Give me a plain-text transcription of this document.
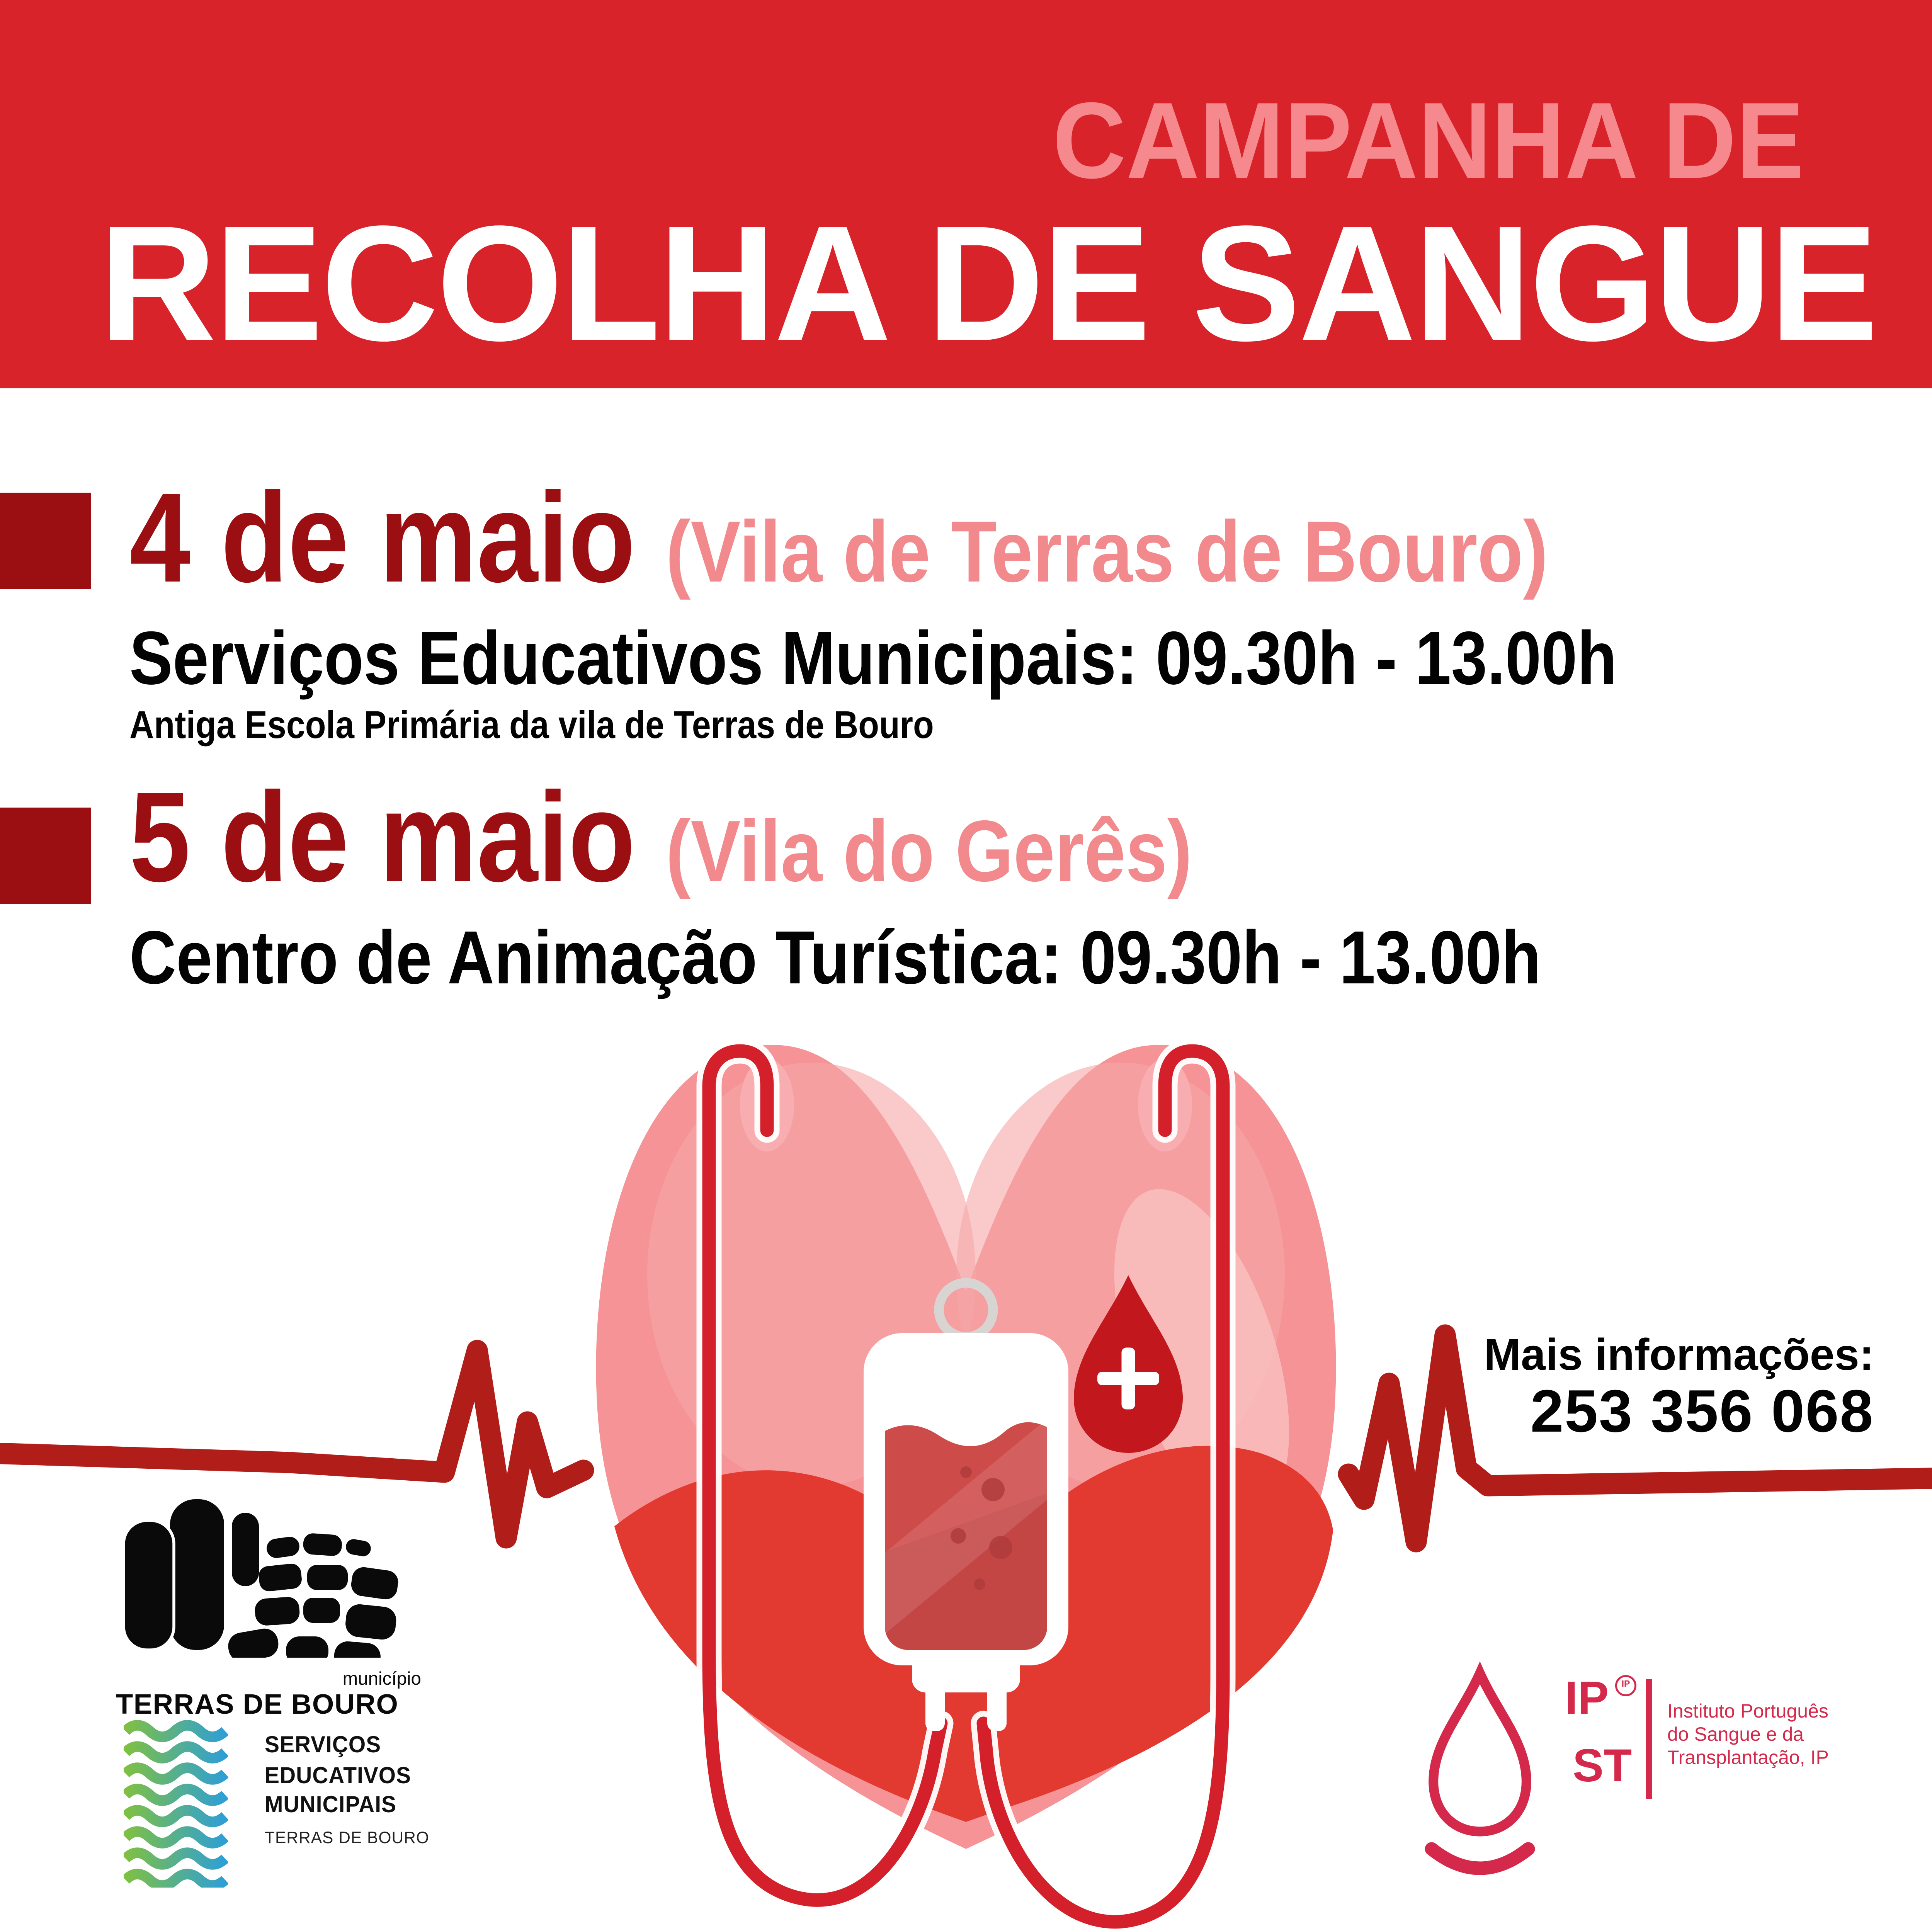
CAMPANHA DE
RECOLHA DE SANGUE
4 de maio (Vila de Terras de Bouro)
Serviços Educativos Municipais: 09.30h - 13.00h
Antiga Escola Primária da vila de Terras de Bouro
5 de maio (Vila do Gerês)
Centro de Animação Turística: 09.30h - 13.00h
Mais informações:
253 356 068
município
TERRAS DE BOURO
SERVIÇOS
EDUCATIVOS
MUNICIPAIS
TERRAS DE BOURO
IP	IP
ST
Instituto Português
do Sangue e da
Transplantação, IP
